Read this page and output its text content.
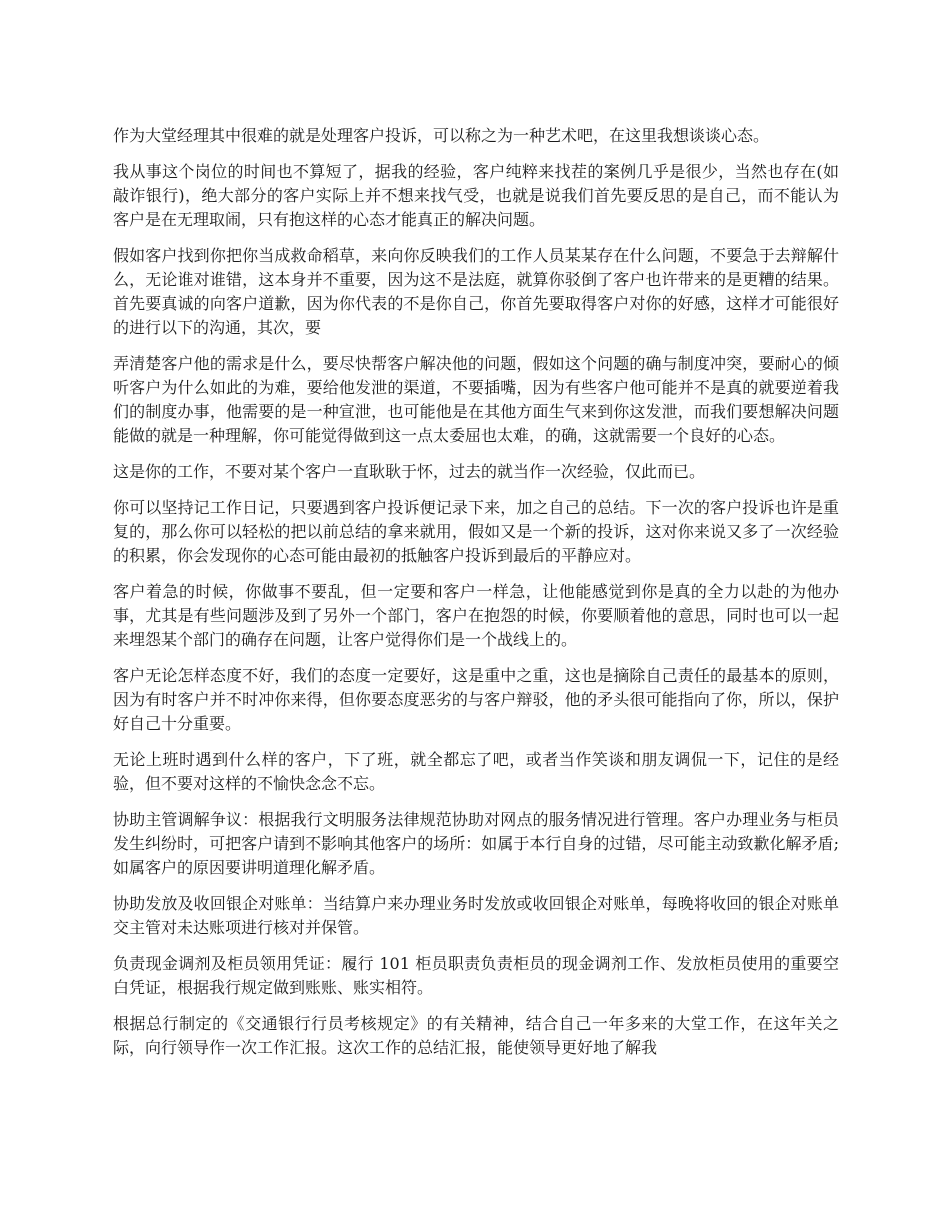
作为大堂经理其中很难的就是处理客户投诉，可以称之为一种艺术吧，在这里我想谈谈心态。

我从事这个岗位的时间也不算短了，据我的经验，客户纯粹来找茬的案例几乎是很少，当然也存在(如敲诈银行)，绝大部分的客户实际上并不想来找气受，也就是说我们首先要反思的是自己，而不能认为客户是在无理取闹，只有抱这样的心态才能真正的解决问题。

假如客户找到你把你当成救命稻草，来向你反映我们的工作人员某某存在什么问题，不要急于去辩解什么，无论谁对谁错，这本身并不重要，因为这不是法庭，就算你驳倒了客户也许带来的是更糟的结果。首先要真诚的向客户道歉，因为你代表的不是你自己，你首先要取得客户对你的好感，这样才可能很好的进行以下的沟通，其次，要

弄清楚客户他的需求是什么，要尽快帮客户解决他的问题，假如这个问题的确与制度冲突，要耐心的倾听客户为什么如此的为难，要给他发泄的渠道，不要插嘴，因为有些客户他可能并不是真的就要逆着我们的制度办事，他需要的是一种宣泄，也可能他是在其他方面生气来到你这发泄，而我们要想解决问题能做的就是一种理解，你可能觉得做到这一点太委屈也太难，的确，这就需要一个良好的心态。

这是你的工作，不要对某个客户一直耿耿于怀，过去的就当作一次经验，仅此而已。

你可以坚持记工作日记，只要遇到客户投诉便记录下来，加之自己的总结。下一次的客户投诉也许是重复的，那么你可以轻松的把以前总结的拿来就用，假如又是一个新的投诉，这对你来说又多了一次经验的积累，你会发现你的心态可能由最初的抵触客户投诉到最后的平静应对。

客户着急的时候，你做事不要乱，但一定要和客户一样急，让他能感觉到你是真的全力以赴的为他办事，尤其是有些问题涉及到了另外一个部门，客户在抱怨的时候，你要顺着他的意思，同时也可以一起来埋怨某个部门的确存在问题，让客户觉得你们是一个战线上的。

客户无论怎样态度不好，我们的态度一定要好，这是重中之重，这也是摘除自己责任的最基本的原则，因为有时客户并不时冲你来得，但你要态度恶劣的与客户辩驳，他的矛头很可能指向了你，所以，保护好自己十分重要。

无论上班时遇到什么样的客户，下了班，就全都忘了吧，或者当作笑谈和朋友调侃一下，记住的是经验，但不要对这样的不愉快念念不忘。

协助主管调解争议：根据我行文明服务法律规范协助对网点的服务情况进行管理。客户办理业务与柜员发生纠纷时，可把客户请到不影响其他客户的场所：如属于本行自身的过错，尽可能主动致歉化解矛盾;如属客户的原因要讲明道理化解矛盾。

协助发放及收回银企对账单：当结算户来办理业务时发放或收回银企对账单，每晚将收回的银企对账单交主管对未达账项进行核对并保管。

负责现金调剂及柜员领用凭证：履行 101 柜员职责负责柜员的现金调剂工作、发放柜员使用的重要空白凭证，根据我行规定做到账账、账实相符。

根据总行制定的《交通银行行员考核规定》的有关精神，结合自己一年多来的大堂工作，在这年关之际，向行领导作一次工作汇报。这次工作的总结汇报，能使领导更好地了解我
